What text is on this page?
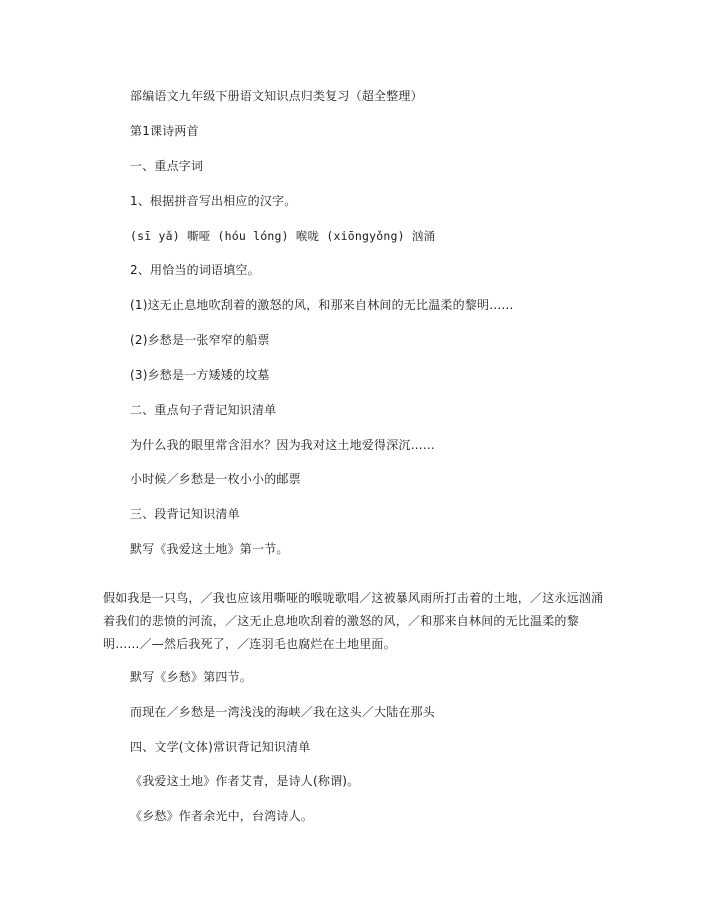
部编语文九年级下册语文知识点归类复习（超全整理）
第1课诗两首
一、重点字词
1、根据拼音写出相应的汉字。
(sī yǎ) 嘶哑 (hóu lóng) 喉咙 (xiōngyǒng) 汹涌
2、用恰当的词语填空。
(1)这无止息地吹刮着的激怒的风，和那来自林间的无比温柔的黎明……
(2)乡愁是一张窄窄的船票
(3)乡愁是一方矮矮的坟墓
二、重点句子背记知识清单
为什么我的眼里常含泪水？因为我对这土地爱得深沉……
小时候／乡愁是一枚小小的邮票
三、段背记知识清单
默写《我爱这土地》第一节。
假如我是一只鸟，／我也应该用嘶哑的喉咙歌唱／这被暴风雨所打击着的土地，／这永远汹涌着我们的悲愤的河流，／这无止息地吹刮着的激怒的风，／和那来自林间的无比温柔的黎明……／—然后我死了，／连羽毛也腐烂在土地里面。
默写《乡愁》第四节。
而现在／乡愁是一湾浅浅的海峡／我在这头／大陆在那头
四、文学(文体)常识背记知识清单
《我爱这土地》作者艾青，是诗人(称谓)。
《乡愁》作者余光中，台湾诗人。
